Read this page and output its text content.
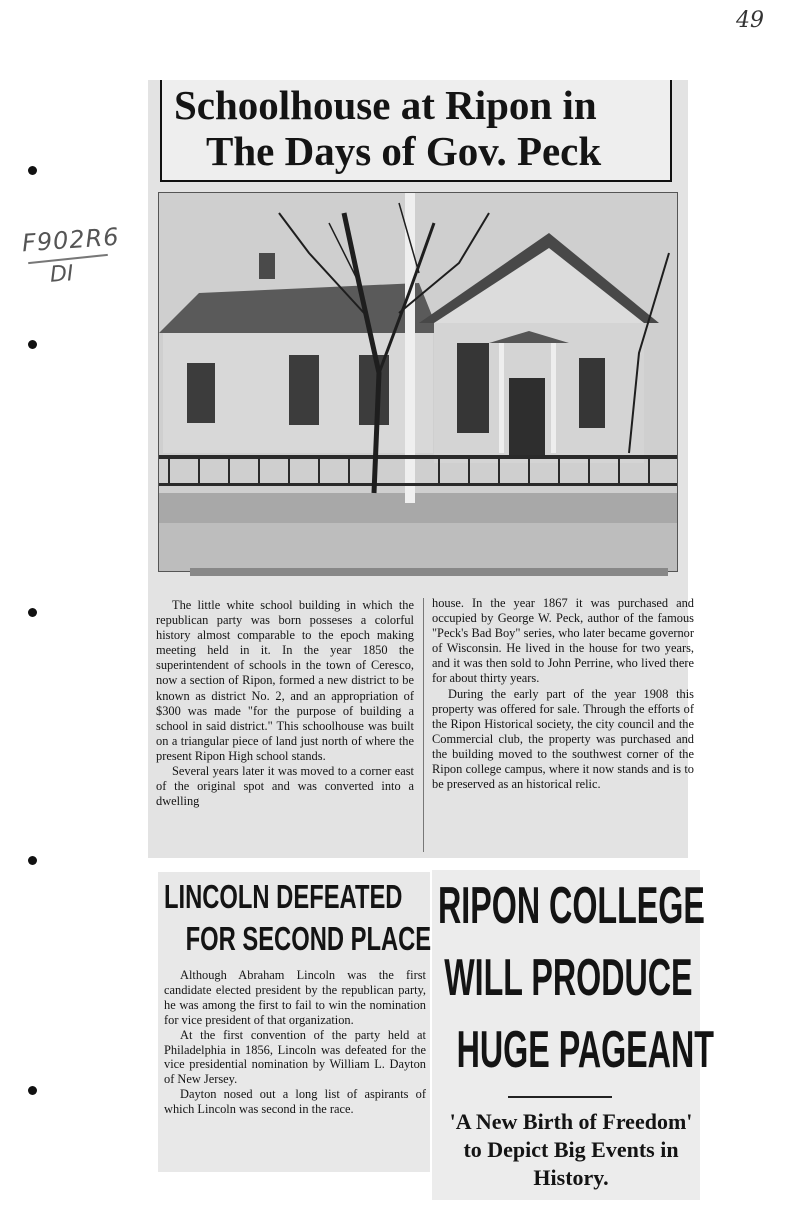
49
F902R6
DI
Schoolhouse at Ripon in
The Days of Gov. Peck

The little white school building in which the republican party was born posseses a colorful history almost comparable to the epoch making meeting held in it. In the year 1850 the superintendent of schools in the town of Ceresco, now a section of Ripon, formed a new district to be known as district No. 2, and an appropriation of $300 was made "for the purpose of building a school in said district." This schoolhouse was built on a triangular piece of land just north of where the present Ripon High school stands.

Several years later it was moved to a corner east of the original spot and was converted into a dwelling

house. In the year 1867 it was purchased and occupied by George W. Peck, author of the famous "Peck's Bad Boy" series, who later became governor of Wisconsin. He lived in the house for two years, and it was then sold to John Perrine, who lived there for about thirty years.

During the early part of the year 1908 this property was offered for sale. Through the efforts of the Ripon Historical society, the city council and the Commercial club, the property was purchased and the building moved to the southwest corner of the Ripon college campus, where it now stands and is to be preserved as an historical relic.

LINCOLN DEFEATED
FOR SECOND PLACE

Although Abraham Lincoln was the first candidate elected president by the republican party, he was among the first to fail to win the nomination for vice president of that organization.

At the first convention of the party held at Philadelphia in 1856, Lincoln was defeated for the vice presidential nomination by William L. Dayton of New Jersey.

Dayton nosed out a long list of aspirants of which Lincoln was second in the race.

RIPON COLLEGE
WILL PRODUCE
HUGE PAGEANT
'A New Birth of Freedom' to Depict Big Events in History.
